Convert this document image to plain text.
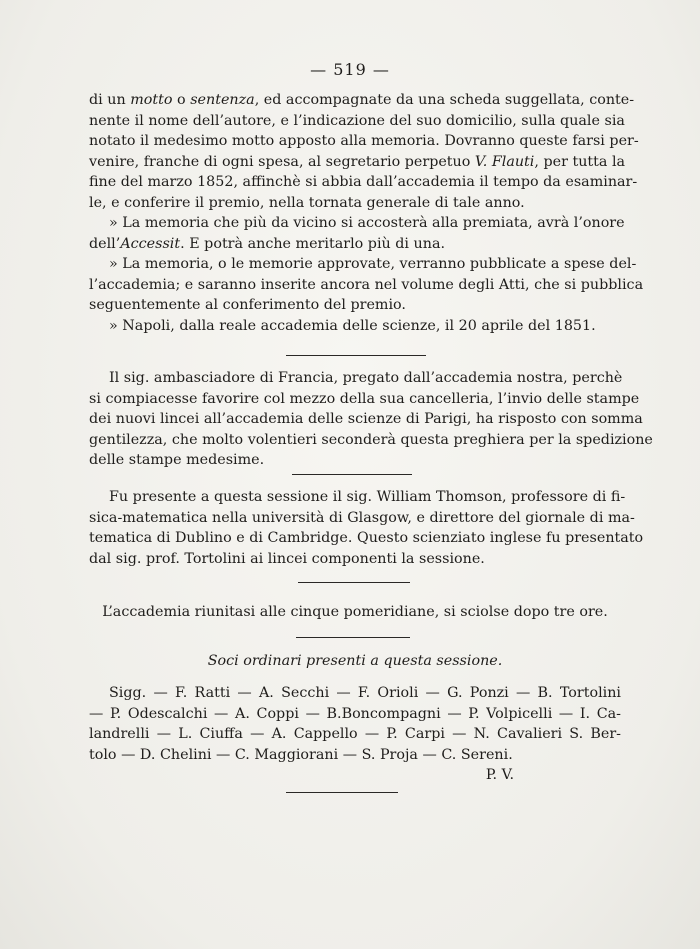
— 519 —
di un motto o sentenza, ed accompagnate da una scheda suggellata, conte-
nente il nome dell’autore, e l’indicazione del suo domicilio, sulla quale sia
notato il medesimo motto apposto alla memoria. Dovranno queste farsi per-
venire, franche di ogni spesa, al segretario perpetuo V. Flauti, per tutta la
fine del marzo 1852, affinchè si abbia dall’accademia il tempo da esaminar-
le, e conferire il premio, nella tornata generale di tale anno.
» La memoria che più da vicino si accosterà alla premiata, avrà l’onore
dell’Accessit. E potrà anche meritarlo più di una.
» La memoria, o le memorie approvate, verranno pubblicate a spese del-
l’accademia; e saranno inserite ancora nel volume degli Atti, che si pubblica
seguentemente al conferimento del premio.
» Napoli, dalla reale accademia delle scienze, il 20 aprile del 1851.
Il sig. ambasciadore di Francia, pregato dall’accademia nostra, perchè
si compiacesse favorire col mezzo della sua cancelleria, l’invio delle stampe
dei nuovi lincei all’accademia delle scienze di Parigi, ha risposto con somma
gentilezza, che molto volentieri seconderà questa preghiera per la spedizione
delle stampe medesime.
Fu presente a questa sessione il sig. William Thomson, professore di fi-
sica-matematica nella università di Glasgow, e direttore del giornale di ma-
tematica di Dublino e di Cambridge. Questo scienziato inglese fu presentato
dal sig. prof. Tortolini ai lincei componenti la sessione.
L’accademia riunitasi alle cinque pomeridiane, si sciolse dopo tre ore.
Soci ordinari presenti a questa sessione.
Sigg. — F. Ratti — A. Secchi — F. Orioli — G. Ponzi — B. Tortolini
— P. Odescalchi — A. Coppi — B.Boncompagni — P. Volpicelli — I. Ca-
landrelli — L. Ciuffa — A. Cappello — P. Carpi — N. Cavalieri S. Ber-
tolo — D. Chelini — C. Maggiorani — S. Proja — C. Sereni.
P. V.
